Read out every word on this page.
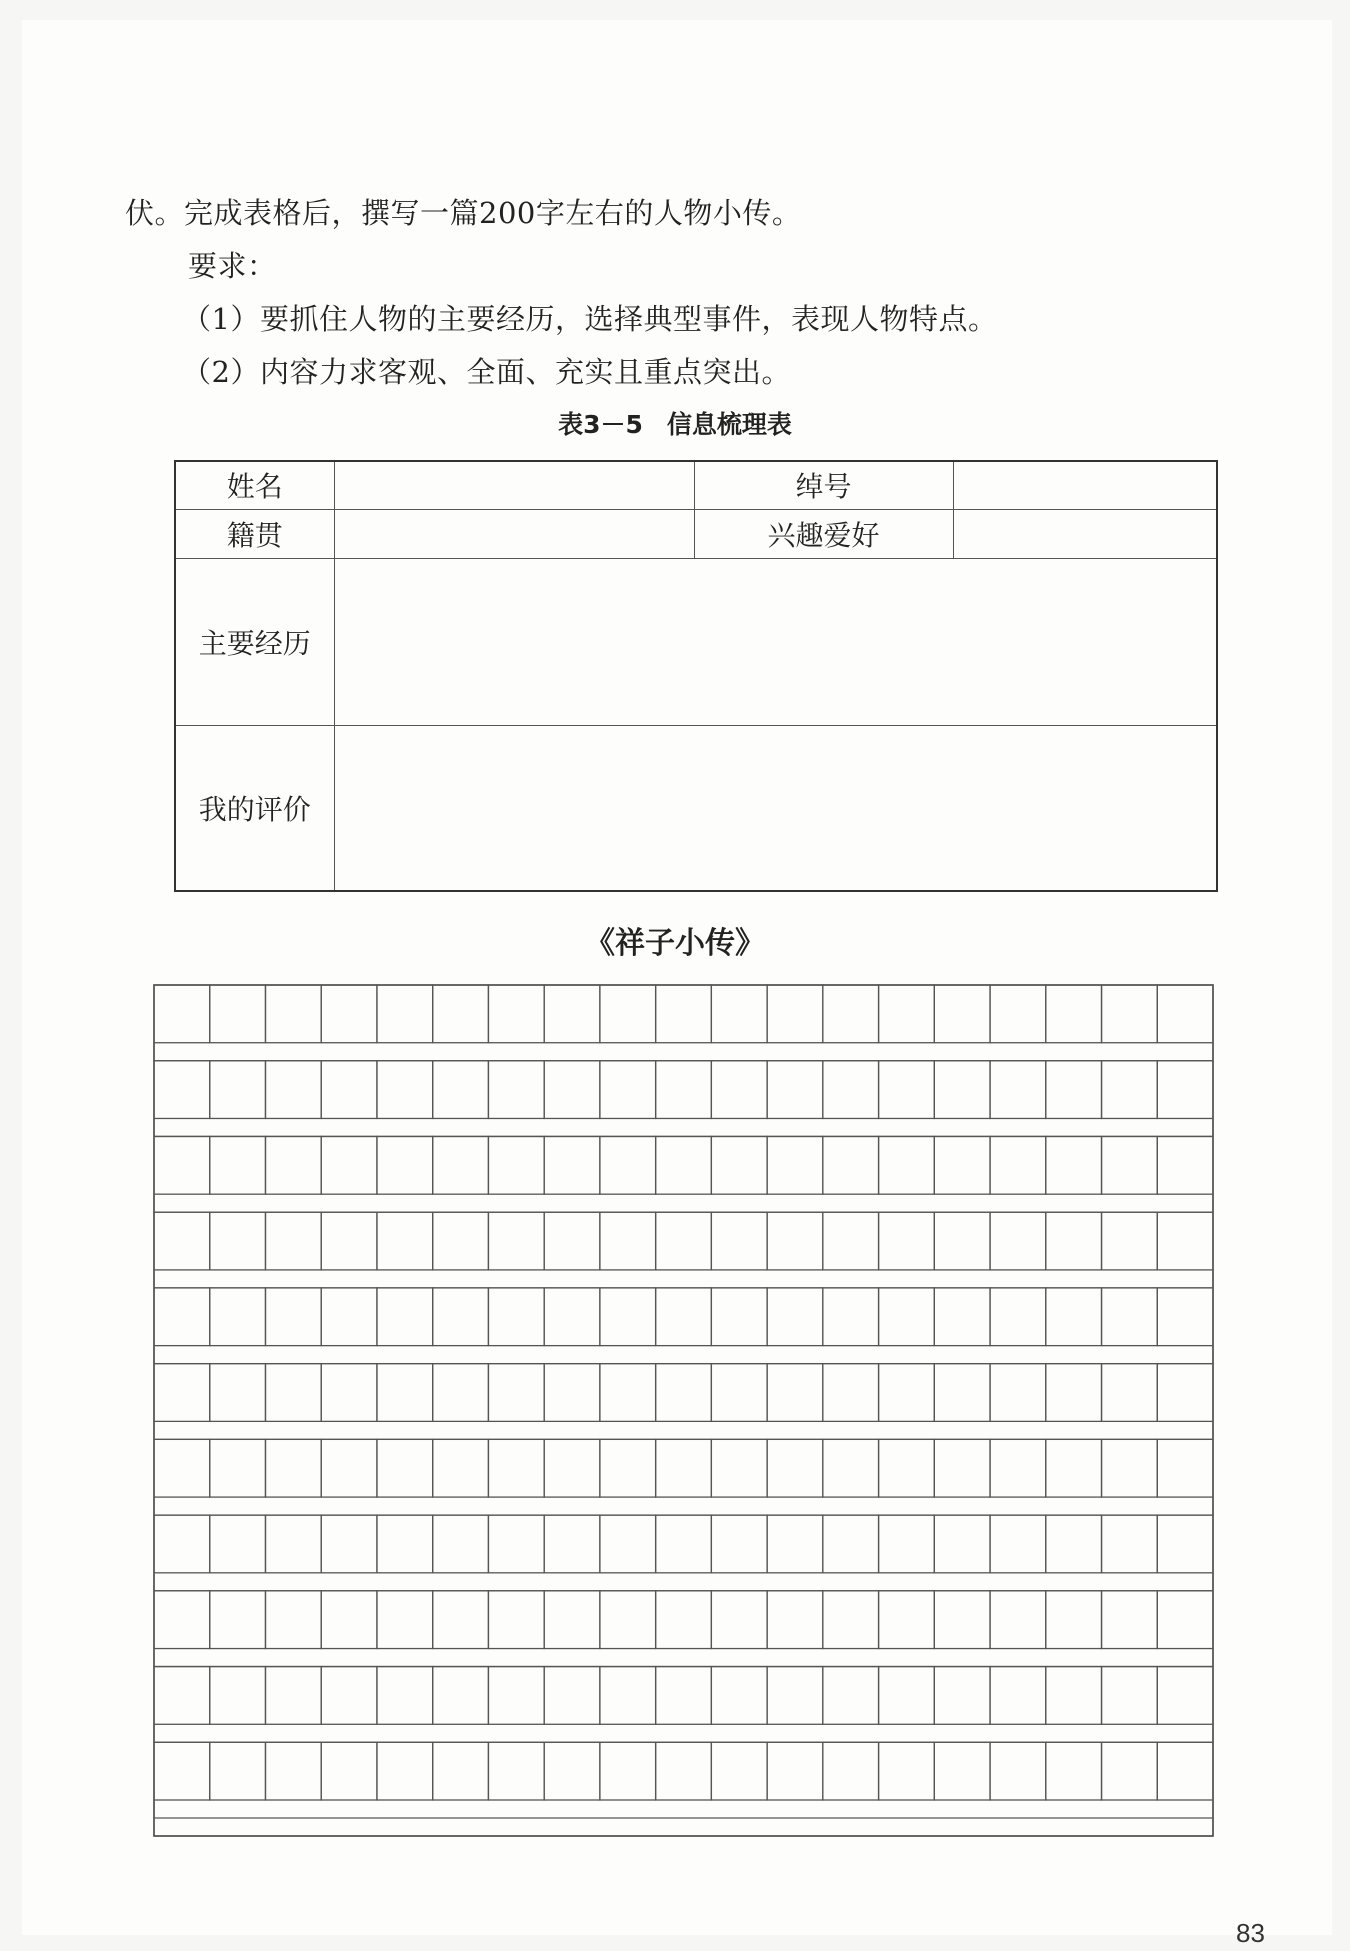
伏。完成表格后，撰写一篇200字左右的人物小传。
要求：
（1）要抓住人物的主要经历，选择典型事件，表现人物特点。
（2）内容力求客观、全面、充实且重点突出。
表3－5 信息梳理表
姓名		绰号	
籍贯		兴趣爱好	
主要经历			
我的评价			
《祥子小传》
83
